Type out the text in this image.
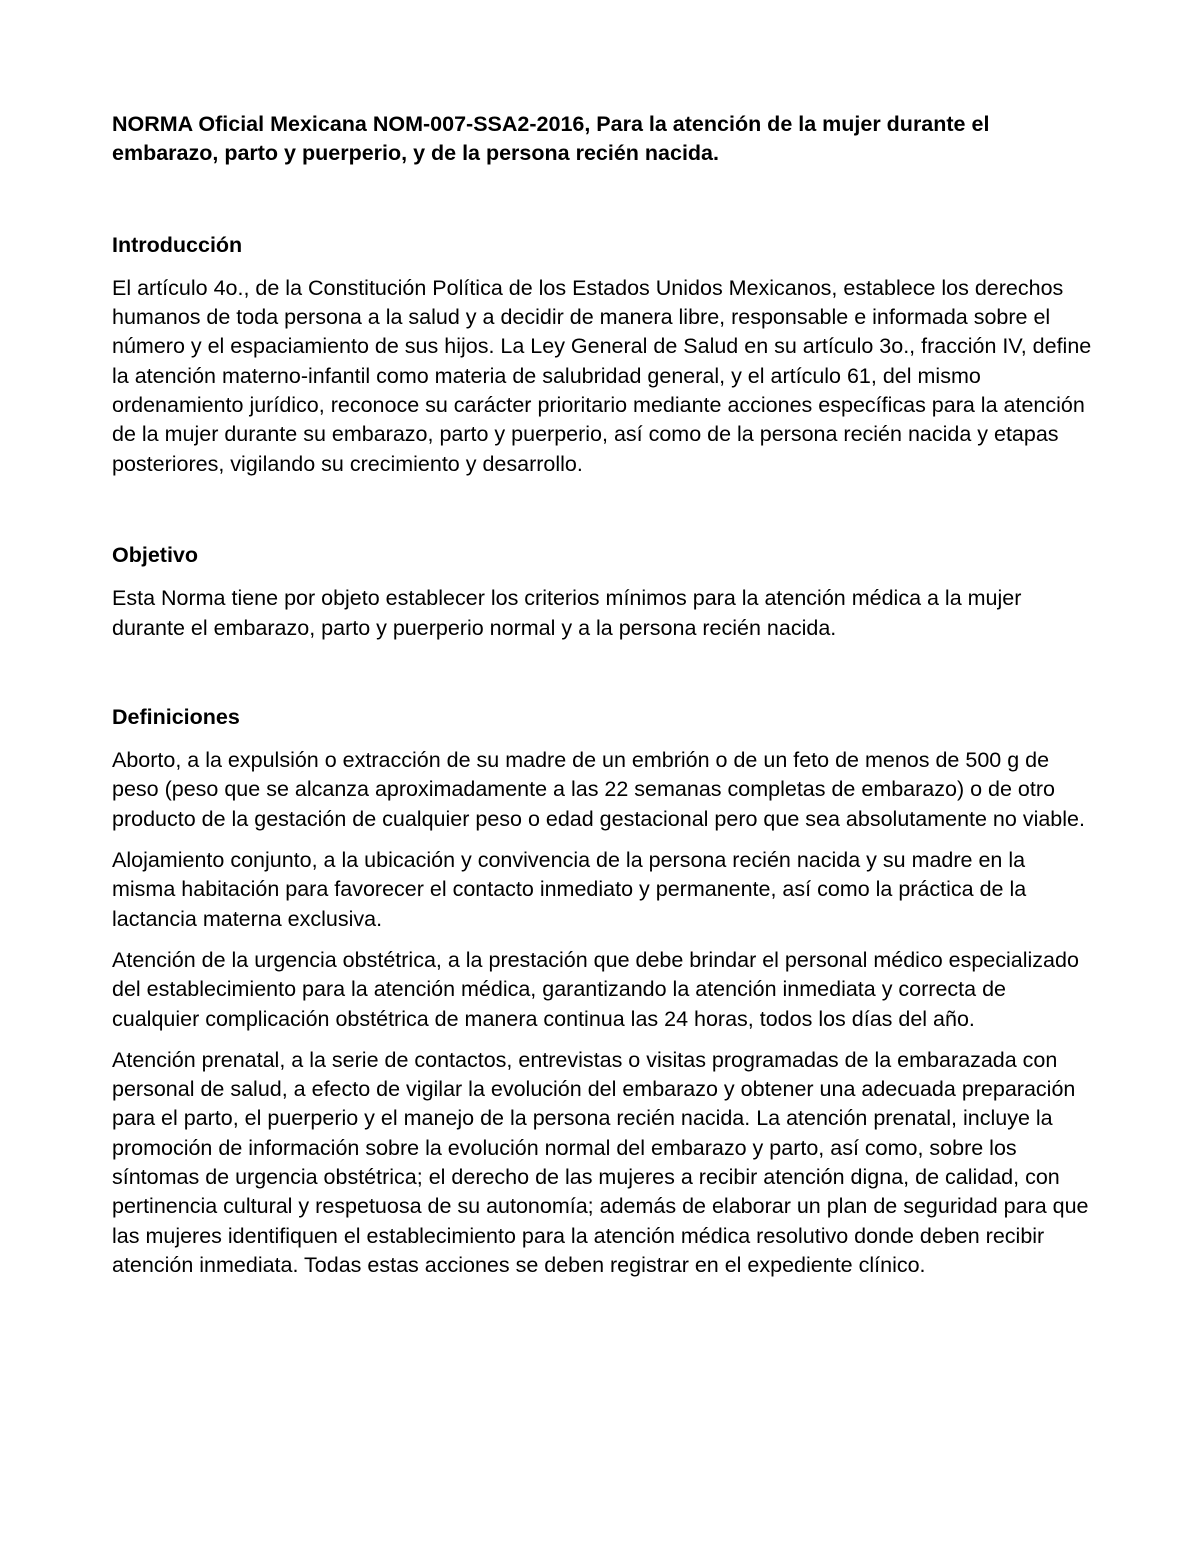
NORMA Oficial Mexicana NOM-007-SSA2-2016, Para la atención de la mujer durante el embarazo, parto y puerperio, y de la persona recién nacida.

Introducción

El artículo 4o., de la Constitución Política de los Estados Unidos Mexicanos, establece los derechos humanos de toda persona a la salud y a decidir de manera libre, responsable e informada sobre el número y el espaciamiento de sus hijos. La Ley General de Salud en su artículo 3o., fracción IV, define la atención materno-infantil como materia de salubridad general, y el artículo 61, del mismo ordenamiento jurídico, reconoce su carácter prioritario mediante acciones específicas para la atención de la mujer durante su embarazo, parto y puerperio, así como de la persona recién nacida y etapas posteriores, vigilando su crecimiento y desarrollo.

Objetivo

Esta Norma tiene por objeto establecer los criterios mínimos para la atención médica a la mujer durante el embarazo, parto y puerperio normal y a la persona recién nacida.

Definiciones

Aborto, a la expulsión o extracción de su madre de un embrión o de un feto de menos de 500 g de peso (peso que se alcanza aproximadamente a las 22 semanas completas de embarazo) o de otro producto de la gestación de cualquier peso o edad gestacional pero que sea absolutamente no viable.

Alojamiento conjunto, a la ubicación y convivencia de la persona recién nacida y su madre en la misma habitación para favorecer el contacto inmediato y permanente, así como la práctica de la lactancia materna exclusiva.

Atención de la urgencia obstétrica, a la prestación que debe brindar el personal médico especializado del establecimiento para la atención médica, garantizando la atención inmediata y correcta de cualquier complicación obstétrica de manera continua las 24 horas, todos los días del año.

Atención prenatal, a la serie de contactos, entrevistas o visitas programadas de la embarazada con personal de salud, a efecto de vigilar la evolución del embarazo y obtener una adecuada preparación para el parto, el puerperio y el manejo de la persona recién nacida. La atención prenatal, incluye la promoción de información sobre la evolución normal del embarazo y parto, así como, sobre los síntomas de urgencia obstétrica; el derecho de las mujeres a recibir atención digna, de calidad, con pertinencia cultural y respetuosa de su autonomía; además de elaborar un plan de seguridad para que las mujeres identifiquen el establecimiento para la atención médica resolutivo donde deben recibir atención inmediata. Todas estas acciones se deben registrar en el expediente clínico.
